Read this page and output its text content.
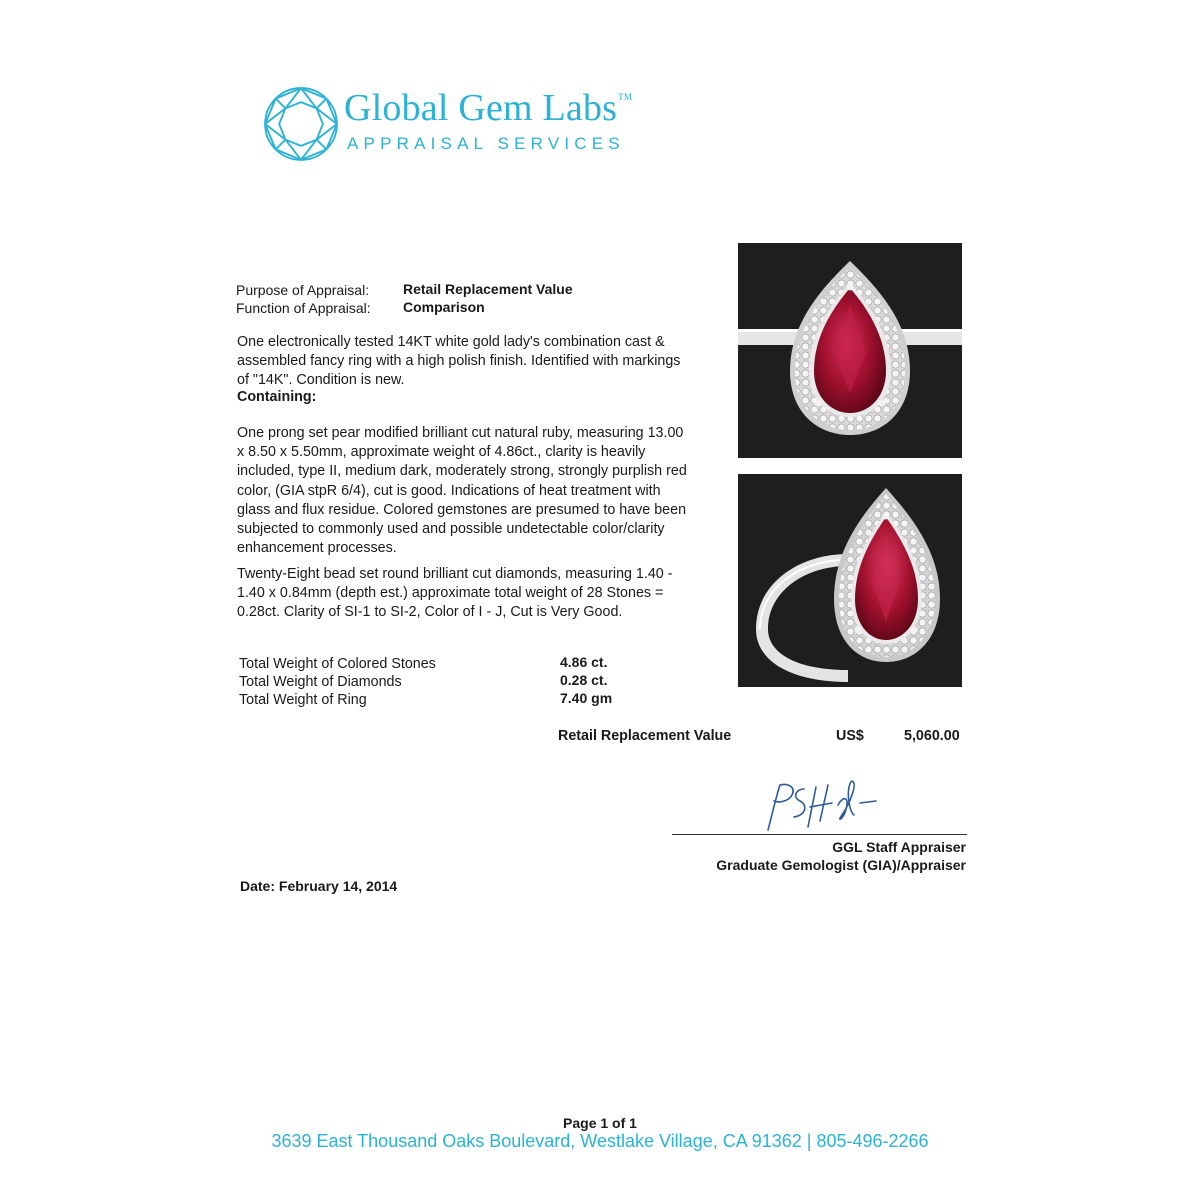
Global Gem Labs™
APPRAISAL SERVICES
Purpose of Appraisal: Retail Replacement Value
Function of Appraisal: Comparison
One electronically tested 14KT white gold lady's combination cast &
assembled fancy ring with a high polish finish. Identified with markings
of "14K". Condition is new.
Containing:
One prong set pear modified brilliant cut natural ruby, measuring 13.00
x 8.50 x 5.50mm, approximate weight of 4.86ct., clarity is heavily
included, type II, medium dark, moderately strong, strongly purplish red
color, (GIA stpR 6/4), cut is good. Indications of heat treatment with
glass and flux residue. Colored gemstones are presumed to have been
subjected to commonly used and possible undetectable color/clarity
enhancement processes.
Twenty-Eight bead set round brilliant cut diamonds, measuring 1.40 -
1.40 x 0.84mm (depth est.) approximate total weight of 28 Stones =
0.28ct. Clarity of SI-1 to SI-2, Color of I - J, Cut is Very Good.
Total Weight of Colored Stones	4.86 ct.
Total Weight of Diamonds	0.28 ct.
Total Weight of Ring	7.40 gm
Retail Replacement Value	US$	5,060.00
GGL Staff Appraiser
Graduate Gemologist (GIA)/Appraiser
Date: February 14, 2014
Page 1 of 1
3639 East Thousand Oaks Boulevard, Westlake Village, CA 91362 | 805-496-2266
